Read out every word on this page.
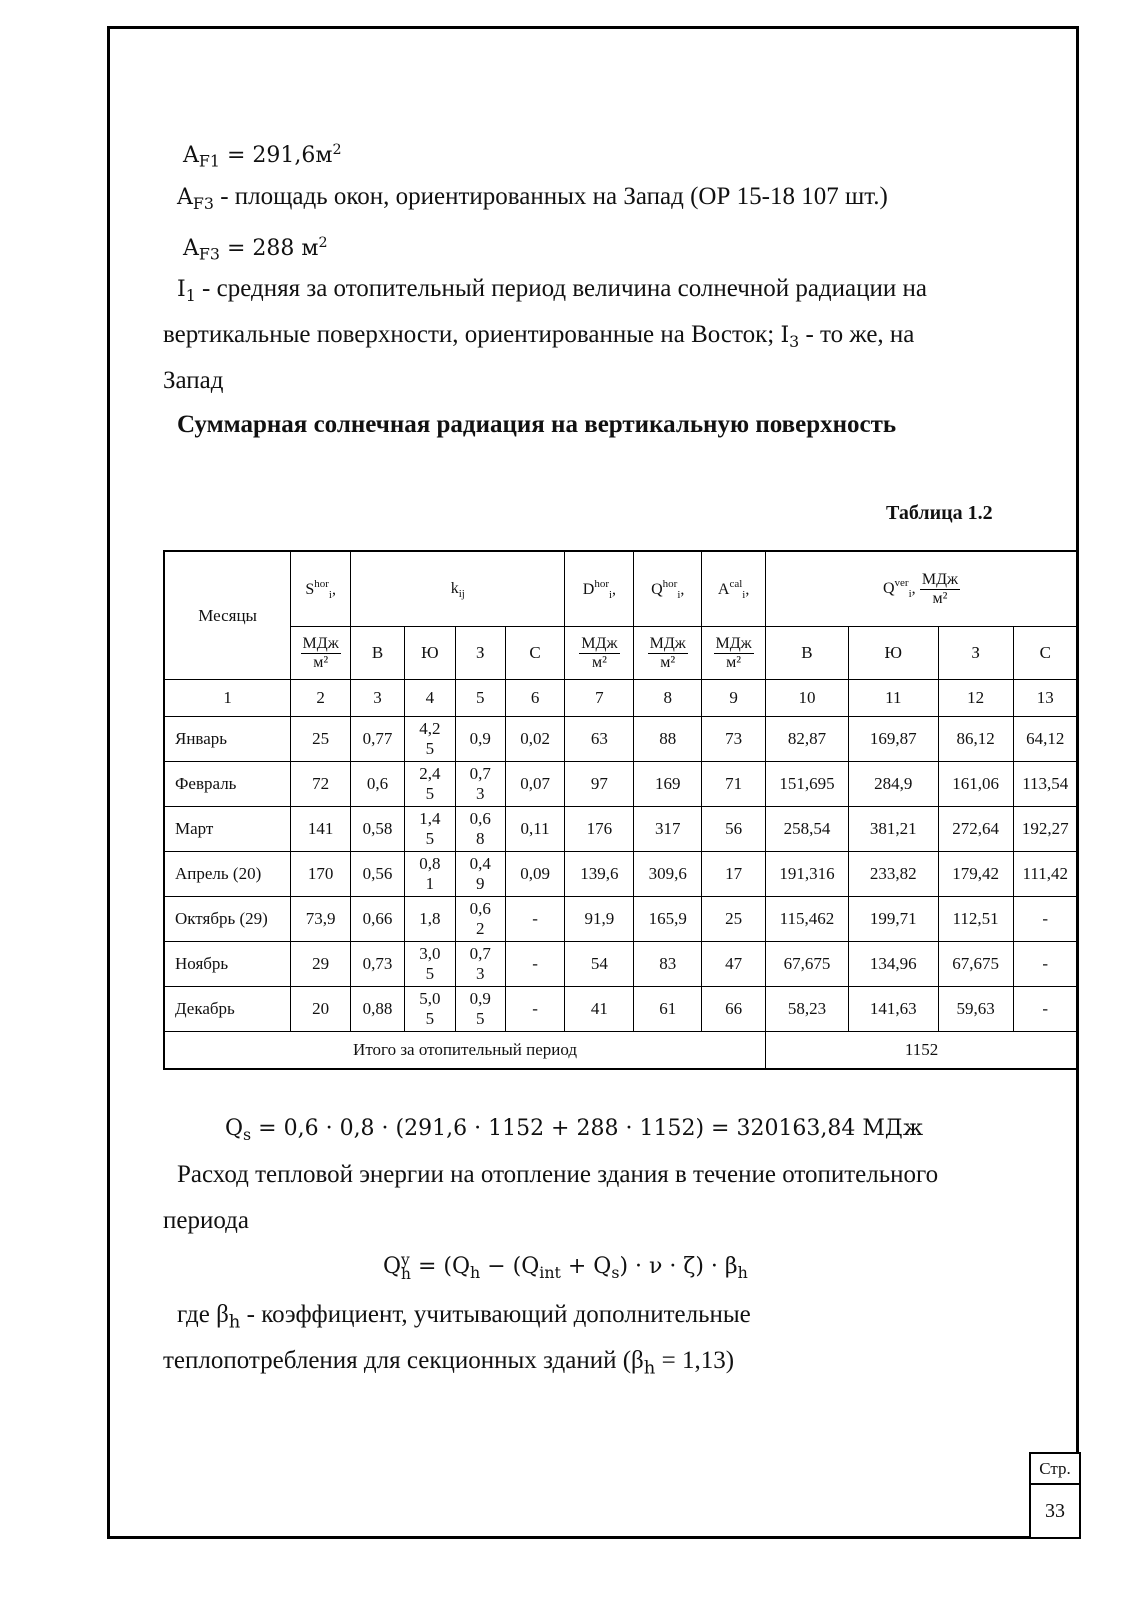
$A_{F1} = 291,6м^2$
$A_{F3}$ - площадь окон, ориентированных на Запад (ОР 15-18 107 шт.)
$A_{F3} = 288$ $м^2$
$I_1$ - средняя за отопительный период величина солнечной радиации на
вертикальные поверхности, ориентированные на Восток; $I_3$ - то же, на
Запад
Суммарная солнечная радиация на вертикальную поверхность
Таблица 1.2
Месяцы	$S^{hor}_i$,	$k_{ij}$				$D^{hor}_i$,	$Q^{hor}_i$,	$A^{cal}_i$,	$Q^{ver}_i$, $\frac{\text{МДж}}{\text{м²}}$

	$\frac{\text{МДж}}{\text{м²}}$	В	Ю	З	С	$\frac{\text{МДж}}{\text{м²}}$	$\frac{\text{МДж}}{\text{м²}}$	$\frac{\text{МДж}}{\text{м²}}$	В	Ю	З	С
1	2	3	4	5	6	7	8	9	10	11	12	13
Январь	25	0,77	4,25	0,9	0,02	63	88	73	82,87	169,87	86,12	64,12
Февраль	72	0,6	2,45	0,73	0,07	97	169	71	151,695	284,9	161,06	113,54
Март	141	0,58	1,45	0,68	0,11	176	317	56	258,54	381,21	272,64	192,27
Апрель (20)	170	0,56	0,81	0,49	0,09	139,6	309,6	17	191,316	233,82	179,42	111,42
Октябрь (29)	73,9	0,66	1,8	0,62	-	91,9	165,9	25	115,462	199,71	112,51	-
Ноябрь	29	0,73	3,05	0,73	-	54	83	47	67,675	134,96	67,675	-
Декабрь	20	0,88	5,05	0,95	-	41	61	66	58,23	141,63	59,63	-
Итого за отопительный период									1152			
$Q_s = 0,6 \cdot 0,8 \cdot (291,6 \cdot 1152 + 288 \cdot 1152) = 320163,84$ МДж
Расход тепловой энергии на отопление здания в течение отопительного
периода
Q y
$h = (Q_h - (Q_{int} + Q_s) \cdot \nu \cdot \zeta) \cdot \beta_h$
где $\beta_h$ - коэффициент, учитывающий дополнительные
теплопотребления для секционных зданий $(\beta_h = 1,13)$
Стр.
33
